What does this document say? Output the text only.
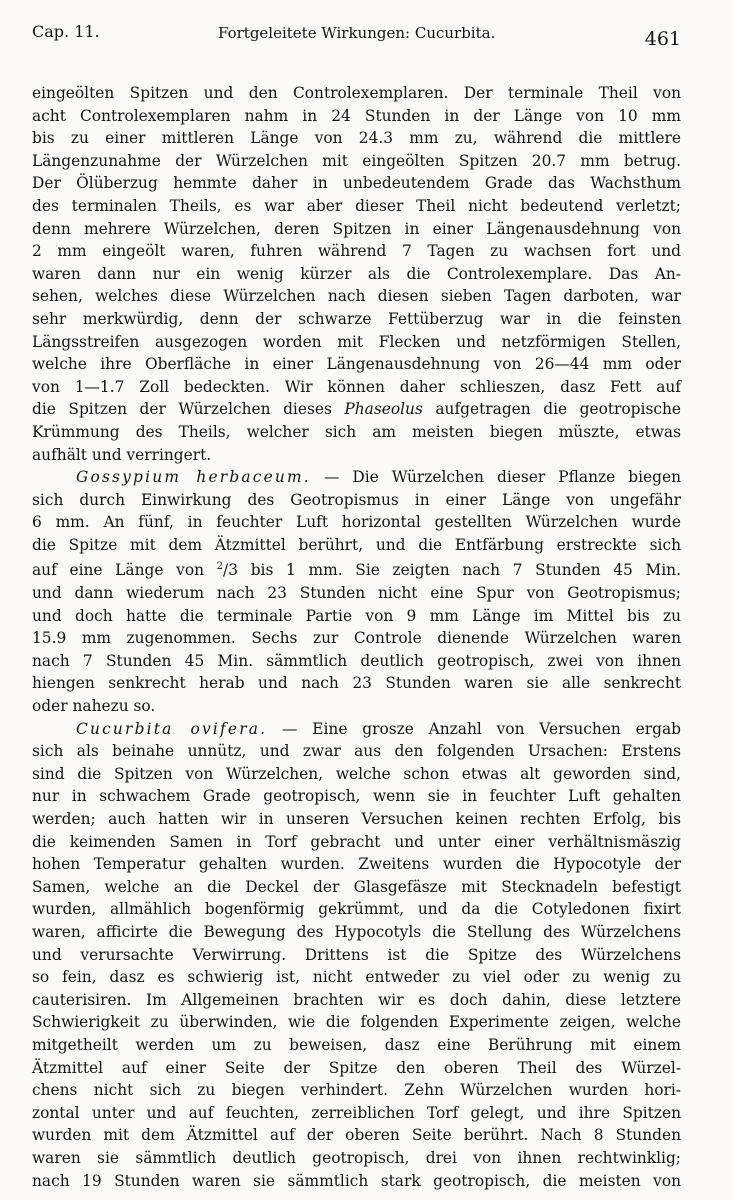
Cap. 11.	Fortgeleitete Wirkungen: Cucurbita.	461

eingeölten Spitzen und den Controlexemplaren. Der terminale Theil von
acht Controlexemplaren nahm in 24 Stunden in der Länge von 10 mm
bis zu einer mittleren Länge von 24.3 mm zu, während die mittlere
Längenzunahme der Würzelchen mit eingeölten Spitzen 20.7 mm betrug.
Der Ölüberzug hemmte daher in unbedeutendem Grade das Wachsthum
des terminalen Theils, es war aber dieser Theil nicht bedeutend verletzt;
denn mehrere Würzelchen, deren Spitzen in einer Längenausdehnung von
2 mm eingeölt waren, fuhren während 7 Tagen zu wachsen fort und
waren dann nur ein wenig kürzer als die Controlexemplare. Das An-
sehen, welches diese Würzelchen nach diesen sieben Tagen darboten, war
sehr merkwürdig, denn der schwarze Fettüberzug war in die feinsten
Längsstreifen ausgezogen worden mit Flecken und netzförmigen Stellen,
welche ihre Oberfläche in einer Längenausdehnung von 26—44 mm oder
von 1—1.7 Zoll bedeckten. Wir können daher schlieszen, dasz Fett auf
die Spitzen der Würzelchen dieses Phaseolus aufgetragen die geotropische
Krümmung des Theils, welcher sich am meisten biegen müszte, etwas
aufhält und verringert.

Gossypium herbaceum. — Die Würzelchen dieser Pflanze biegen
sich durch Einwirkung des Geotropismus in einer Länge von ungefähr
6 mm. An fünf, in feuchter Luft horizontal gestellten Würzelchen wurde
die Spitze mit dem Ätzmittel berührt, und die Entfärbung erstreckte sich
auf eine Länge von $^2$/3 bis 1 mm. Sie zeigten nach 7 Stunden 45 Min.
und dann wiederum nach 23 Stunden nicht eine Spur von Geotropismus;
und doch hatte die terminale Partie von 9 mm Länge im Mittel bis zu
15.9 mm zugenommen. Sechs zur Controle dienende Würzelchen waren
nach 7 Stunden 45 Min. sämmtlich deutlich geotropisch, zwei von ihnen
hiengen senkrecht herab und nach 23 Stunden waren sie alle senkrecht
oder nahezu so.

Cucurbita ovifera. — Eine grosze Anzahl von Versuchen ergab
sich als beinahe unnütz, und zwar aus den folgenden Ursachen: Erstens
sind die Spitzen von Würzelchen, welche schon etwas alt geworden sind,
nur in schwachem Grade geotropisch, wenn sie in feuchter Luft gehalten
werden; auch hatten wir in unseren Versuchen keinen rechten Erfolg, bis
die keimenden Samen in Torf gebracht und unter einer verhältnismäszig
hohen Temperatur gehalten wurden. Zweitens wurden die Hypocotyle der
Samen, welche an die Deckel der Glasgefäsze mit Stecknadeln befestigt
wurden, allmählich bogenförmig gekrümmt, und da die Cotyledonen fixirt
waren, afficirte die Bewegung des Hypocotyls die Stellung des Würzelchens
und verursachte Verwirrung. Drittens ist die Spitze des Würzelchens
so fein, dasz es schwierig ist, nicht entweder zu viel oder zu wenig zu
cauterisiren. Im Allgemeinen brachten wir es doch dahin, diese letztere
Schwierigkeit zu überwinden, wie die folgenden Experimente zeigen, welche
mitgetheilt werden um zu beweisen, dasz eine Berührung mit einem
Ätzmittel auf einer Seite der Spitze den oberen Theil des Würzel-
chens nicht sich zu biegen verhindert. Zehn Würzelchen wurden hori-
zontal unter und auf feuchten, zerreiblichen Torf gelegt, und ihre Spitzen
wurden mit dem Ätzmittel auf der oberen Seite berührt. Nach 8 Stunden
waren sie sämmtlich deutlich geotropisch, drei von ihnen rechtwinklig;
nach 19 Stunden waren sie sämmtlich stark geotropisch, die meisten von
